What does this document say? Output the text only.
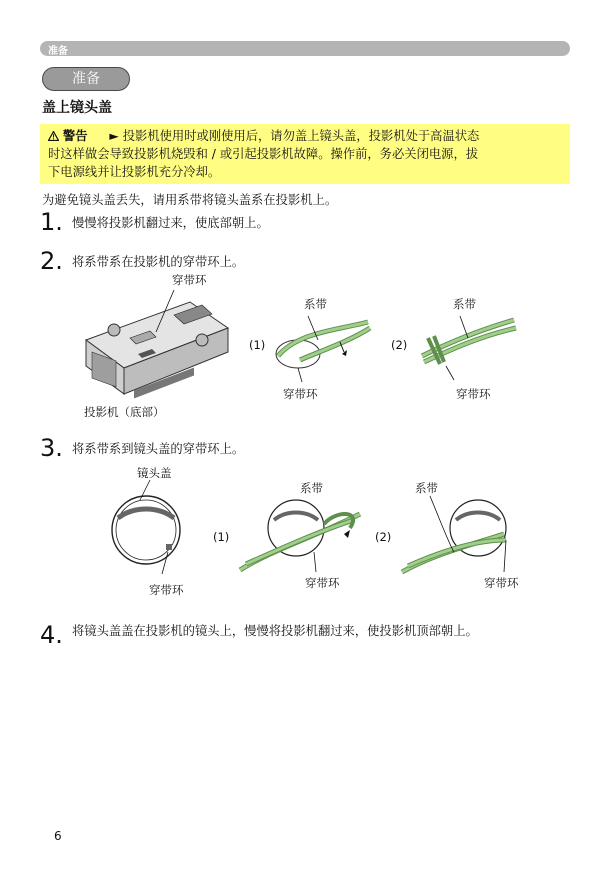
准备
准备
盖上镜头盖
警告 ► 投影机使用时或刚使用后，请勿盖上镜头盖，投影机处于高温状态
时这样做会导致投影机烧毁和 / 或引起投影机故障。操作前，务必关闭电源，拔
下电源线并让投影机充分冷却。
为避免镜头盖丢失，请用系带将镜头盖系在投影机上。
1. 慢慢将投影机翻过来，使底部朝上。
2. 将系带系在投影机的穿带环上。
穿带环
投影机（底部）
(1)
系带
穿带环
(2)
系带
穿带环
3. 将系带系到镜头盖的穿带环上。
镜头盖
穿带环
(1)
系带
穿带环
(2)
系带
穿带环
4. 将镜头盖盖在投影机的镜头上，慢慢将投影机翻过来，使投影机顶部朝上。
6
